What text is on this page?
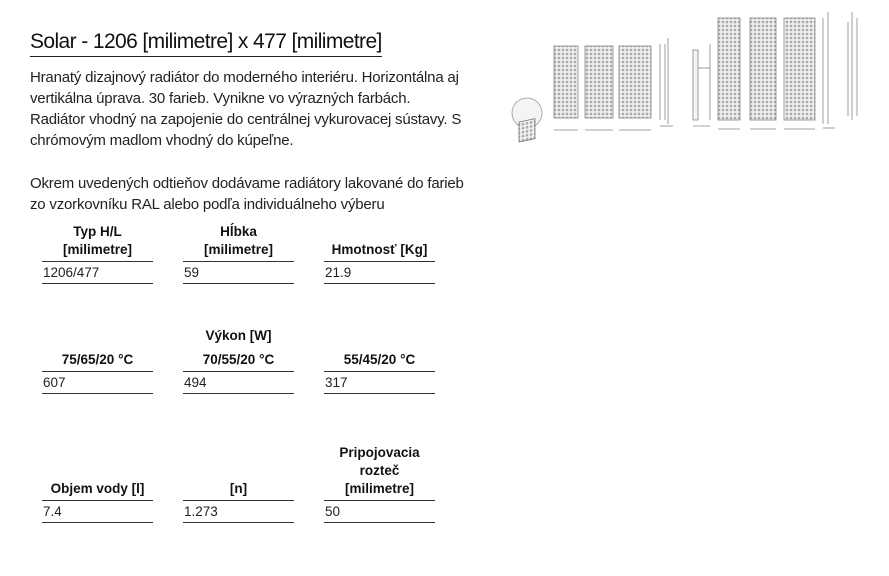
Solar - 1206 [milimetre] x 477 [milimetre]
Hranatý dizajnový radiátor do moderného interiéru. Horizontálna aj
vertikálna úprava. 30 farieb. Vynikne vo výrazných farbách.
Radiátor vhodný na zapojenie do centrálnej vykurovacej sústavy. S
chrómovým madlom vhodný do kúpeľne.
Okrem uvedených odtieňov dodávame radiátory lakované do farieb
zo vzorkovníku RAL alebo podľa individuálneho výberu
Typ H/L
[milimetre]
1206/477
Hĺbka
[milimetre]
59
Hmotnosť [Kg]
21.9
Výkon [W]
75/65/20 °C
607
70/55/20 °C
494
55/45/20 °C
317
Objem vody [l]
7.4
[n]
1.273
Pripojovacia
rozteč
[milimetre]
50
